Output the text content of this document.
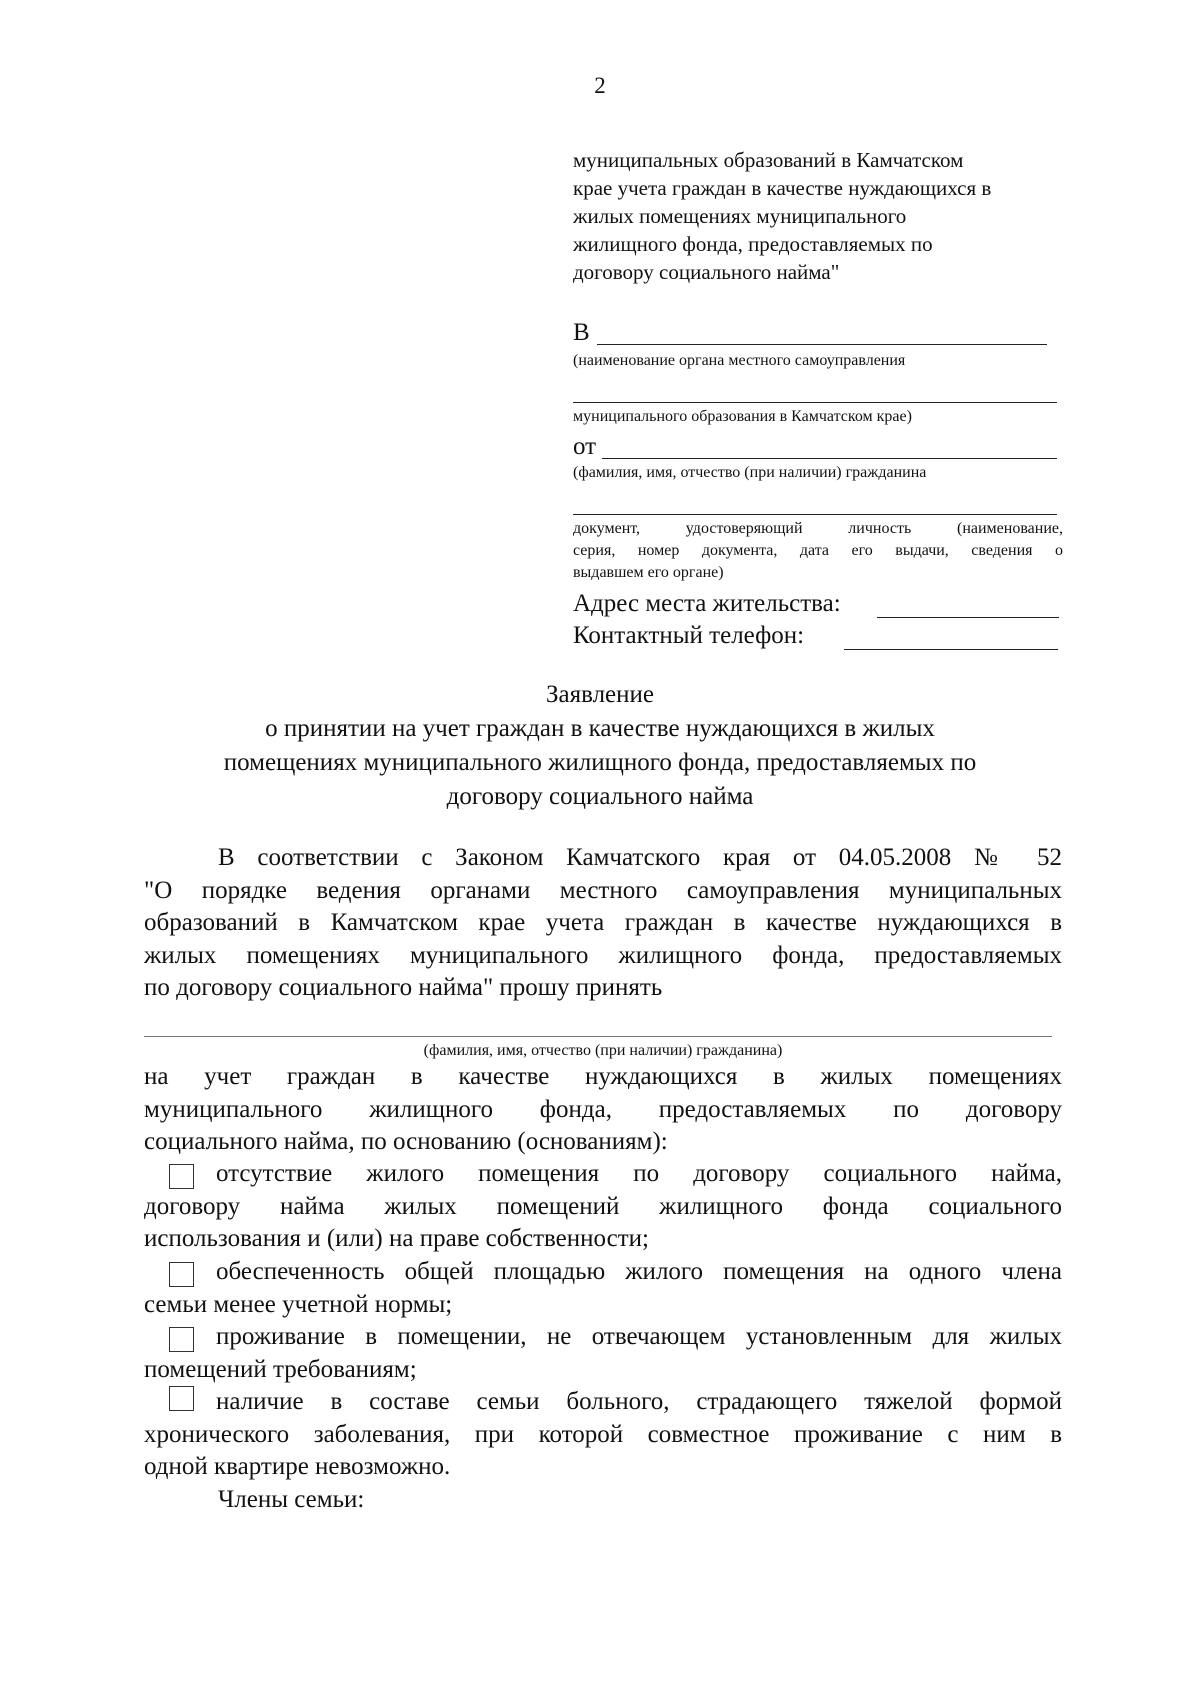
2
муниципальных образований в Камчатском
крае учета граждан в качестве нуждающихся в
жилых помещениях муниципального
жилищного фонда, предоставляемых по
договору социального найма"
В
(наименование органа местного самоуправления
муниципального образования в Камчатском крае)
от
(фамилия, имя, отчество (при наличии) гражданина
документ, удостоверяющий личность (наименование,
серия, номер документа, дата его выдачи, сведения о
выдавшем его органе)
Адрес места жительства:
Контактный телефон:
Заявление
о принятии на учет граждан в качестве нуждающихся в жилых
помещениях муниципального жилищного фонда, предоставляемых по
договору социального найма
В соответствии с Законом Камчатского края от 04.05.2008 № 52
"О порядке ведения органами местного самоуправления муниципальных
образований в Камчатском крае учета граждан в качестве нуждающихся в
жилых помещениях муниципального жилищного фонда, предоставляемых
по договору социального найма" прошу принять
(фамилия, имя, отчество (при наличии) гражданина)
на учет граждан в качестве нуждающихся в жилых помещениях
муниципального жилищного фонда, предоставляемых по договору
социального найма, по основанию (основаниям):
отсутствие жилого помещения по договору социального найма,
договору найма жилых помещений жилищного фонда социального
использования и (или) на праве собственности;
обеспеченность общей площадью жилого помещения на одного члена
семьи менее учетной нормы;
проживание в помещении, не отвечающем установленным для жилых
помещений требованиям;
наличие в составе семьи больного, страдающего тяжелой формой
хронического заболевания, при которой совместное проживание с ним в
одной квартире невозможно.
Члены семьи:
